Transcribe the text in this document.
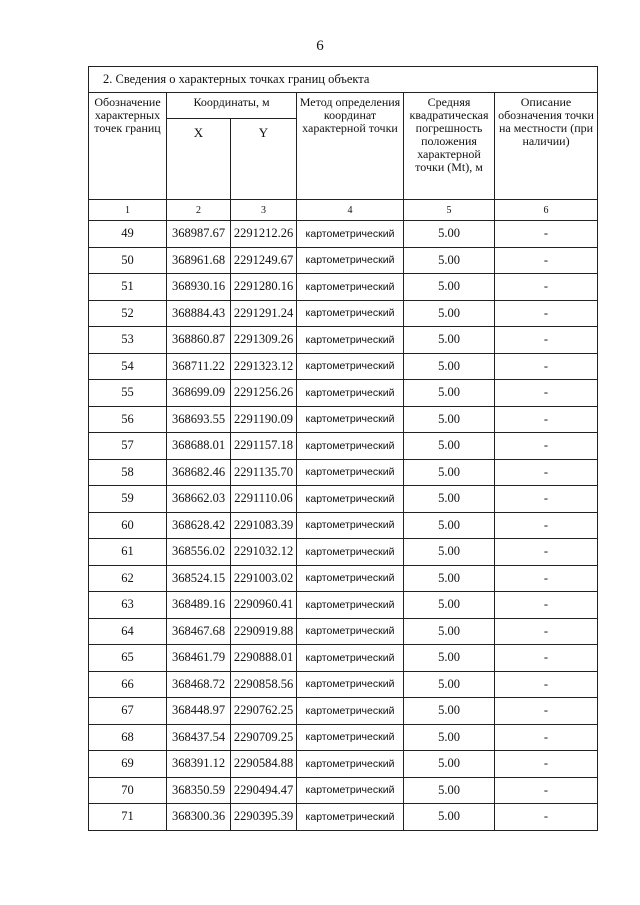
6
2. Сведения о характерных точках границ объекта					
Обозначение характерных точек границ	Координаты, м		Метод определения координат характерной точки	Средняя квадратическая погрешность положения характерной точки (Mt), м	Описание обозначения точки на местности (при наличии)
	X	Y			
1	2	3	4	5	6
49	368987.67	2291212.26	картометрический	5.00	-
50	368961.68	2291249.67	картометрический	5.00	-
51	368930.16	2291280.16	картометрический	5.00	-
52	368884.43	2291291.24	картометрический	5.00	-
53	368860.87	2291309.26	картометрический	5.00	-
54	368711.22	2291323.12	картометрический	5.00	-
55	368699.09	2291256.26	картометрический	5.00	-
56	368693.55	2291190.09	картометрический	5.00	-
57	368688.01	2291157.18	картометрический	5.00	-
58	368682.46	2291135.70	картометрический	5.00	-
59	368662.03	2291110.06	картометрический	5.00	-
60	368628.42	2291083.39	картометрический	5.00	-
61	368556.02	2291032.12	картометрический	5.00	-
62	368524.15	2291003.02	картометрический	5.00	-
63	368489.16	2290960.41	картометрический	5.00	-
64	368467.68	2290919.88	картометрический	5.00	-
65	368461.79	2290888.01	картометрический	5.00	-
66	368468.72	2290858.56	картометрический	5.00	-
67	368448.97	2290762.25	картометрический	5.00	-
68	368437.54	2290709.25	картометрический	5.00	-
69	368391.12	2290584.88	картометрический	5.00	-
70	368350.59	2290494.47	картометрический	5.00	-
71	368300.36	2290395.39	картометрический	5.00	-
